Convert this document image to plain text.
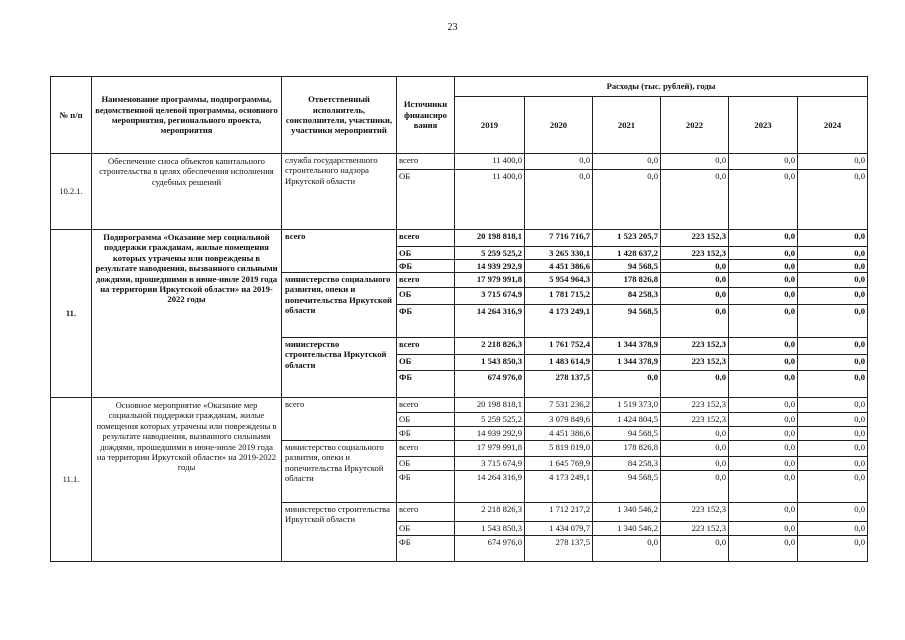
23
№ п/п	Наименование программы, подпрограммы, ведомственной целевой программы, основного мероприятия, регионального проекта, мероприятия	Ответственный исполнитель, соисполнители, участники, участники мероприятий	Источники финансиро вания	Расходы (тыс. рублей), годы					
				2019	2020	2021	2022	2023	2024
10.2.1.	Обеспечение сноса объектов капитального строительства в целях обеспечения исполнения судебных решений	служба государственного строительного надзора Иркутской области	всего	11 400,0	0,0	0,0	0,0	0,0	0,0
			ОБ	11 400,0	0,0	0,0	0,0	0,0	0,0
11.	Подпрограмма «Оказание мер социальной поддержки гражданам, жилые помещения которых утрачены или повреждены в результате наводнения, вызванного сильными дождями, прошедшими в июне-июле 2019 года на территории Иркутской области» на 2019-2022 годы	всего	всего	20 198 818,1	7 716 716,7	1 523 205,7	223 152,3	0,0	0,0
			ОБ	5 259 525,2	3 265 330,1	1 428 637,2	223 152,3	0,0	0,0
			ФБ	14 939 292,9	4 451 386,6	94 568,5	0,0	0,0	0,0
		министерство социального развития, опеки и попечительства Иркутской области	всего	17 979 991,8	5 954 964,3	178 826,8	0,0	0,0	0,0
			ОБ	3 715 674,9	1 781 715,2	84 258,3	0,0	0,0	0,0
			ФБ	14 264 316,9	4 173 249,1	94 568,5	0,0	0,0	0,0
		министерство строительства Иркутской области	всего	2 218 826,3	1 761 752,4	1 344 378,9	223 152,3	0,0	0,0
			ОБ	1 543 850,3	1 483 614,9	1 344 378,9	223 152,3	0,0	0,0
			ФБ	674 976,0	278 137,5	0,0	0,0	0,0	0,0
11.1.	Основное мероприятие «Оказание мер социальной поддержки гражданам, жилые помещения которых утрачены или повреждены в результате наводнения, вызванного сильными дождями, прошедшими в июне-июле 2019 года на территории Иркутской области» на 2019-2022 годы	всего	всего	20 198 818,1	7 531 236,2	1 519 373,0	223 152,3	0,0	0,0
			ОБ	5 259 525,2	3 079 849,6	1 424 804,5	223 152,3	0,0	0,0
			ФБ	14 939 292,9	4 451 386,6	94 568,5	0,0	0,0	0,0
		министерство социального развития, опеки и попечительства Иркутской области	всего	17 979 991,8	5 819 019,0	178 826,8	0,0	0,0	0,0
			ОБ	3 715 674,9	1 645 769,9	84 258,3	0,0	0,0	0,0
			ФБ	14 264 316,9	4 173 249,1	94 568,5	0,0	0,0	0,0
		министерство строительства Иркутской области	всего	2 218 826,3	1 712 217,2	1 340 546,2	223 152,3	0,0	0,0
			ОБ	1 543 850,3	1 434 079,7	1 340 546,2	223 152,3	0,0	0,0
			ФБ	674 976,0	278 137,5	0,0	0,0	0,0	0,0
